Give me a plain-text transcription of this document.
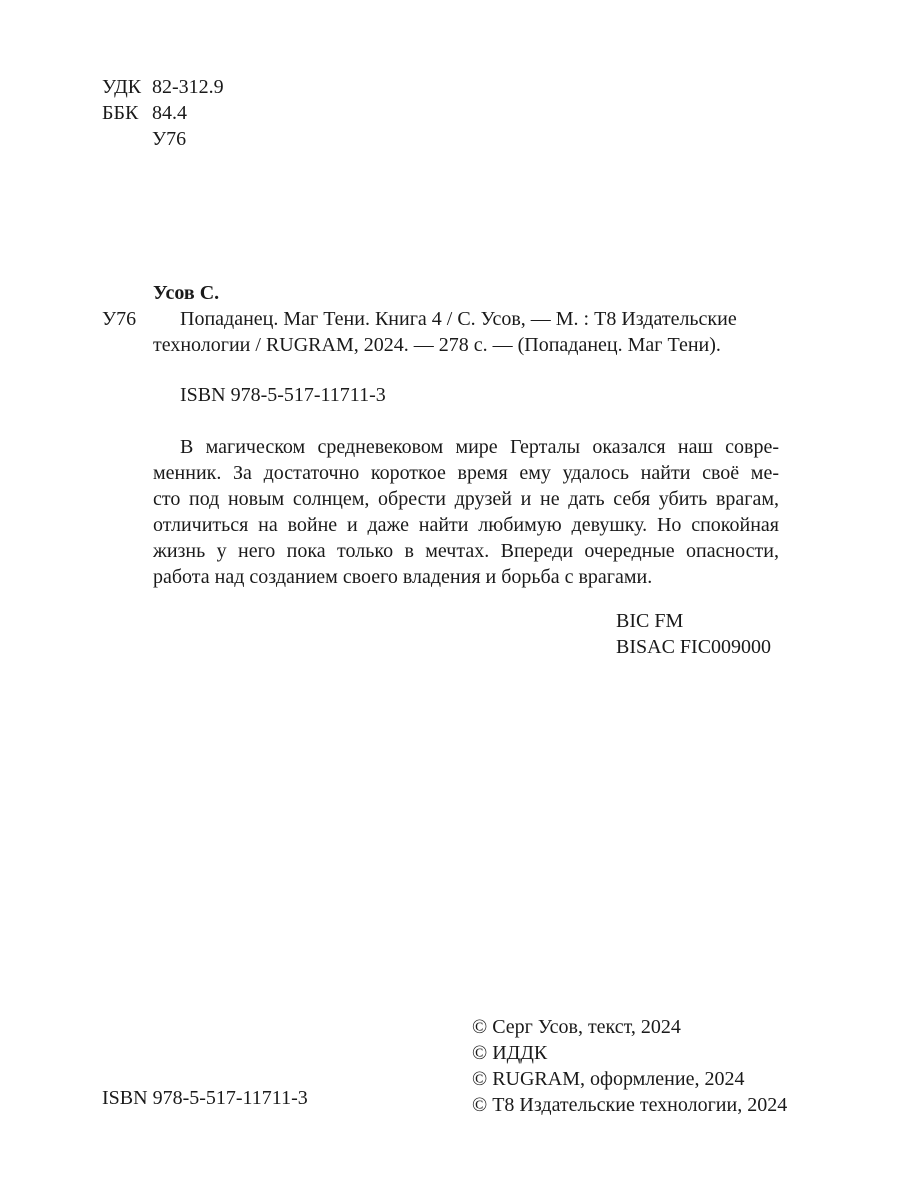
УДК 82-312.9
ББК 84.4
У76
Усов С.
У76 Попаданец. Маг Тени. Книга 4 / С. Усов, — М. : Т8 Издательские
технологии / RUGRAM, 2024. — 278 с. — (Попаданец. Маг Тени).
ISBN 978-5-517-11711-3
В магическом средневековом мире Герталы оказался наш совре-
менник. За достаточно короткое время ему удалось найти своё ме-
сто под новым солнцем, обрести друзей и не дать себя убить врагам,
отличиться на войне и даже найти любимую девушку. Но спокойная
жизнь у него пока только в мечтах. Впереди очередные опасности,
работа над созданием своего владения и борьба с врагами.
BIC FM
BISAC FIC009000
ISBN 978-5-517-11711-3
© Серг Усов, текст, 2024
© ИДДК
© RUGRAM, оформление, 2024
© Т8 Издательские технологии, 2024
